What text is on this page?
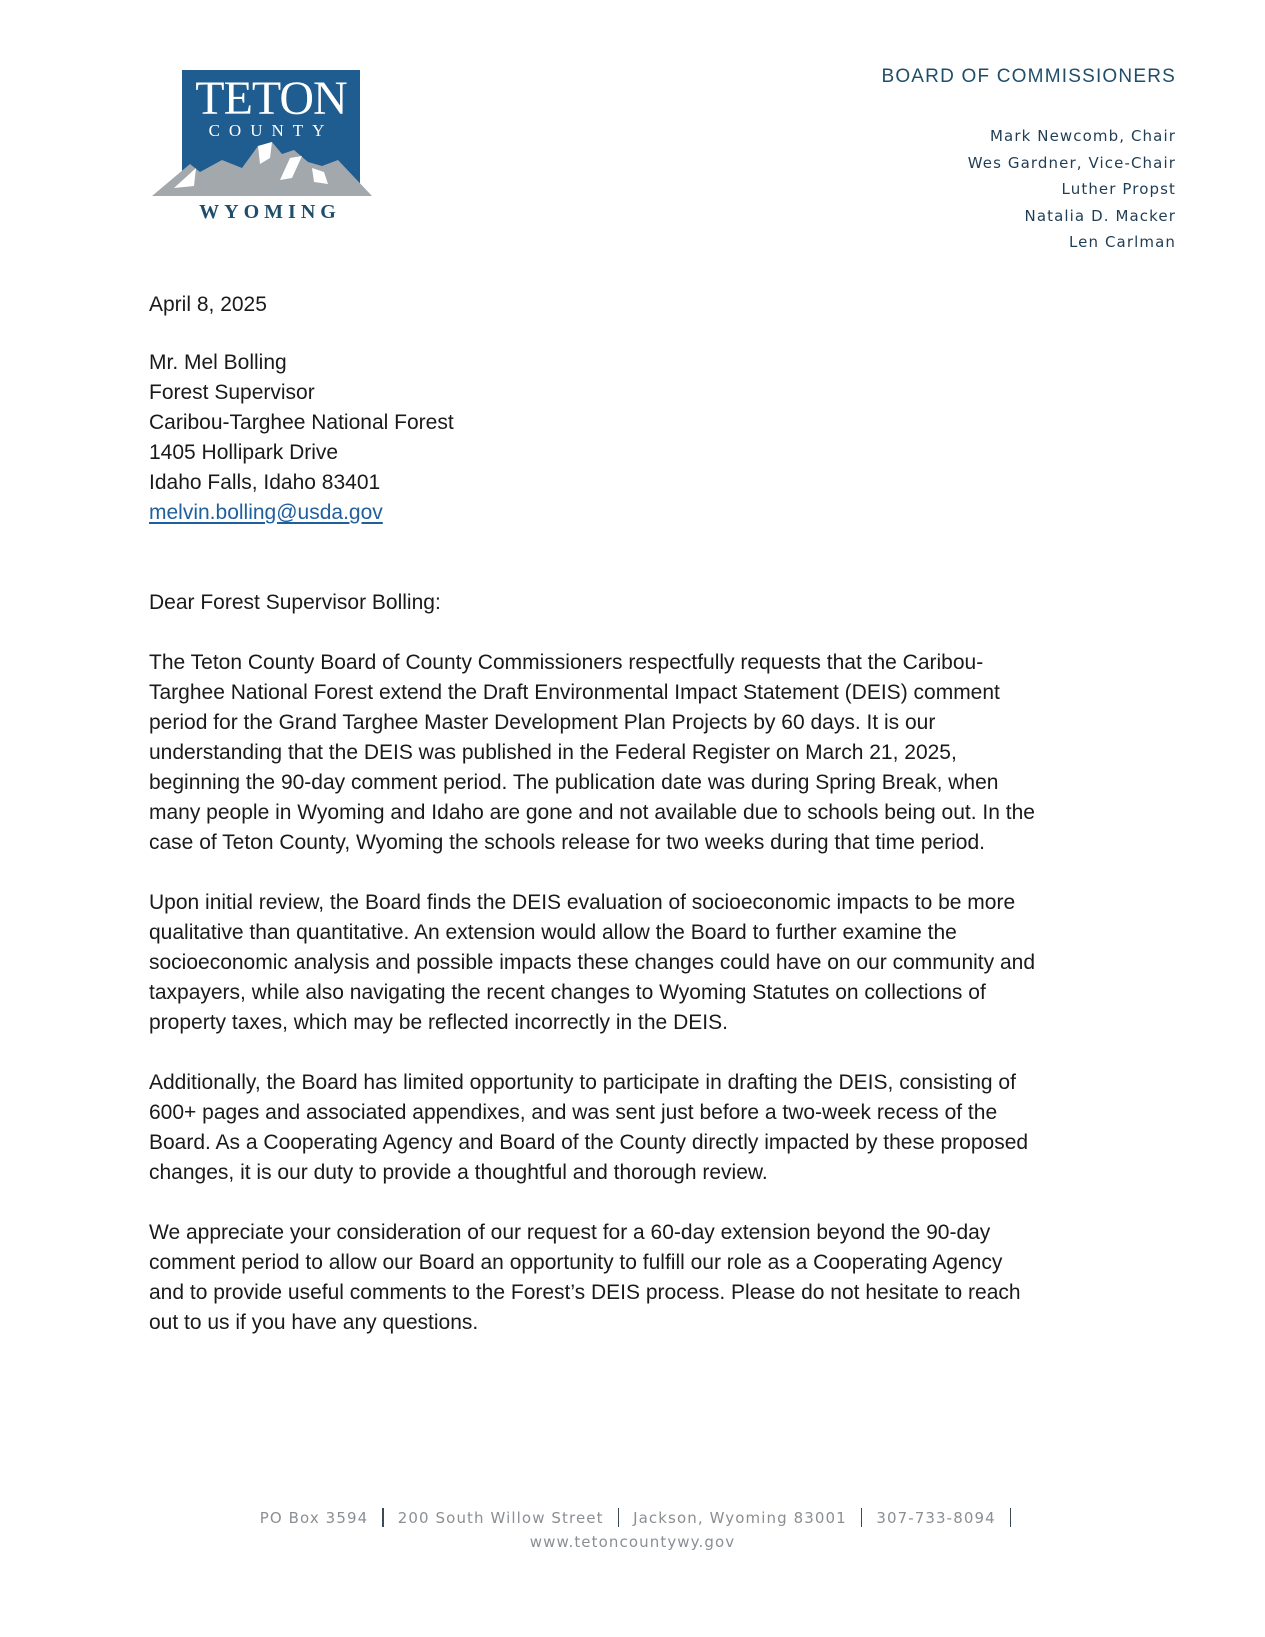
TETON
COUNTY
WYOMING
BOARD OF COMMISSIONERS
Mark Newcomb, Chair
Wes Gardner, Vice-Chair
Luther Propst
Natalia D. Macker
Len Carlman
April 8, 2025
Mr. Mel Bolling
Forest Supervisor
Caribou-Targhee National Forest
1405 Hollipark Drive
Idaho Falls, Idaho 83401
melvin.bolling@usda.gov
Dear Forest Supervisor Bolling:
The Teton County Board of County Commissioners respectfully requests that the Caribou-
Targhee National Forest extend the Draft Environmental Impact Statement (DEIS) comment
period for the Grand Targhee Master Development Plan Projects by 60 days. It is our
understanding that the DEIS was published in the Federal Register on March 21, 2025,
beginning the 90-day comment period. The publication date was during Spring Break, when
many people in Wyoming and Idaho are gone and not available due to schools being out. In the
case of Teton County, Wyoming the schools release for two weeks during that time period.
Upon initial review, the Board finds the DEIS evaluation of socioeconomic impacts to be more
qualitative than quantitative. An extension would allow the Board to further examine the
socioeconomic analysis and possible impacts these changes could have on our community and
taxpayers, while also navigating the recent changes to Wyoming Statutes on collections of
property taxes, which may be reflected incorrectly in the DEIS.
Additionally, the Board has limited opportunity to participate in drafting the DEIS, consisting of
600+ pages and associated appendixes, and was sent just before a two-week recess of the
Board. As a Cooperating Agency and Board of the County directly impacted by these proposed
changes, it is our duty to provide a thoughtful and thorough review.
We appreciate your consideration of our request for a 60-day extension beyond the 90-day
comment period to allow our Board an opportunity to fulfill our role as a Cooperating Agency
and to provide useful comments to the Forest’s DEIS process. Please do not hesitate to reach
out to us if you have any questions.
PO Box 3594 200 South Willow Street Jackson, Wyoming 83001 307-733-8094
www.tetoncountywy.gov
